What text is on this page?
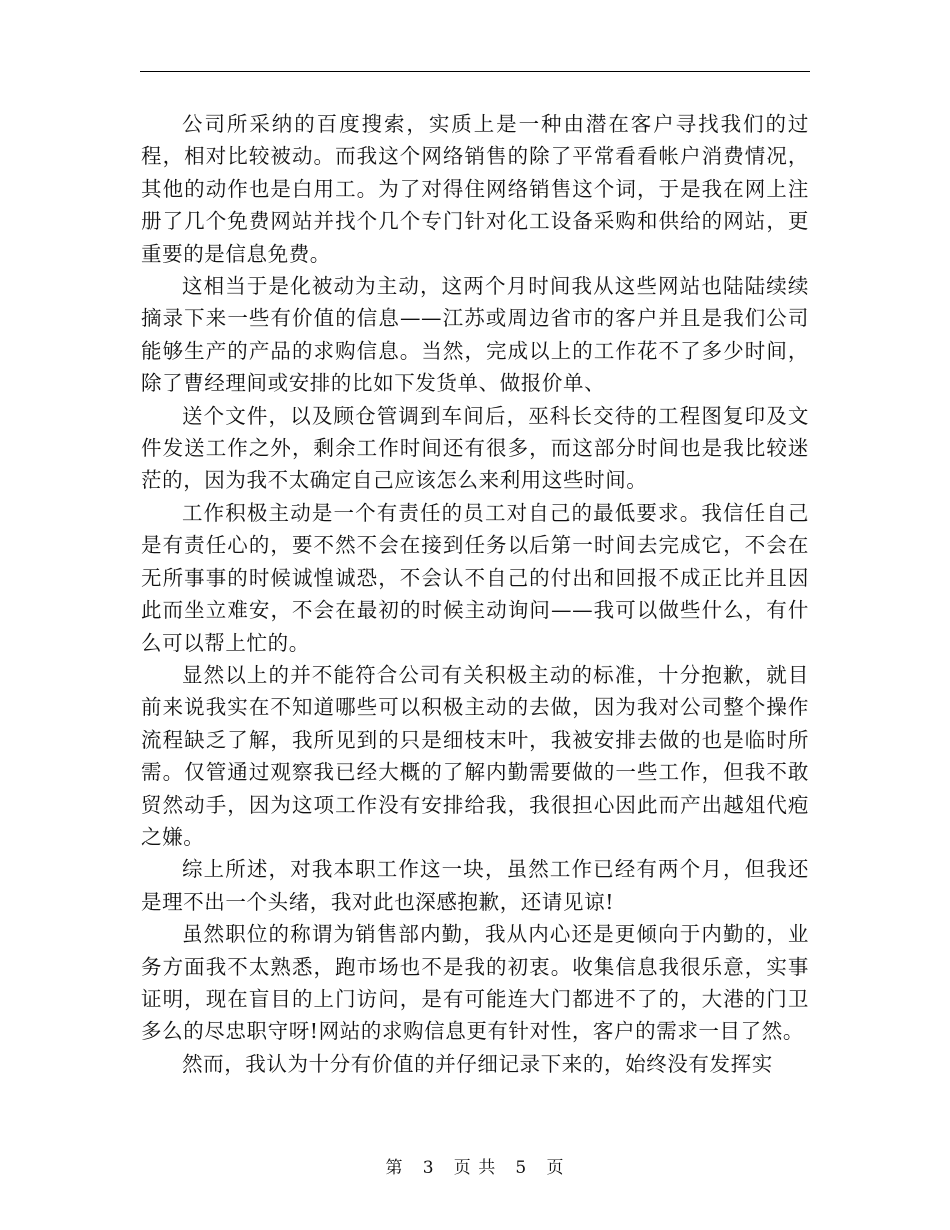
公司所采纳的百度搜索，实质上是一种由潜在客户寻找我们的过程，相对比较被动。而我这个网络销售的除了平常看看帐户消费情况，其他的动作也是白用工。为了对得住网络销售这个词，于是我在网上注册了几个免费网站并找个几个专门针对化工设备采购和供给的网站，更重要的是信息免费。

这相当于是化被动为主动，这两个月时间我从这些网站也陆陆续续摘录下来一些有价值的信息——江苏或周边省市的客户并且是我们公司能够生产的产品的求购信息。当然，完成以上的工作花不了多少时间，除了曹经理间或安排的比如下发货单、做报价单、

送个文件，以及顾仓管调到车间后，巫科长交待的工程图复印及文件发送工作之外，剩余工作时间还有很多，而这部分时间也是我比较迷茫的，因为我不太确定自己应该怎么来利用这些时间。

工作积极主动是一个有责任的员工对自己的最低要求。我信任自己是有责任心的，要不然不会在接到任务以后第一时间去完成它，不会在无所事事的时候诚惶诚恐，不会认不自己的付出和回报不成正比并且因此而坐立难安，不会在最初的时候主动询问——我可以做些什么，有什么可以帮上忙的。

显然以上的并不能符合公司有关积极主动的标准，十分抱歉，就目前来说我实在不知道哪些可以积极主动的去做，因为我对公司整个操作流程缺乏了解，我所见到的只是细枝末叶，我被安排去做的也是临时所需。仅管通过观察我已经大概的了解内勤需要做的一些工作，但我不敢贸然动手，因为这项工作没有安排给我，我很担心因此而产出越俎代疱之嫌。

综上所述，对我本职工作这一块，虽然工作已经有两个月，但我还是理不出一个头绪，我对此也深感抱歉，还请见谅!

虽然职位的称谓为销售部内勤，我从内心还是更倾向于内勤的，业务方面我不太熟悉，跑市场也不是我的初衷。收集信息我很乐意，实事证明，现在盲目的上门访问，是有可能连大门都进不了的，大港的门卫多么的尽忠职守呀!网站的求购信息更有针对性，客户的需求一目了然。

然而，我认为十分有价值的并仔细记录下来的，始终没有发挥实

第 3 页 共 5 页
